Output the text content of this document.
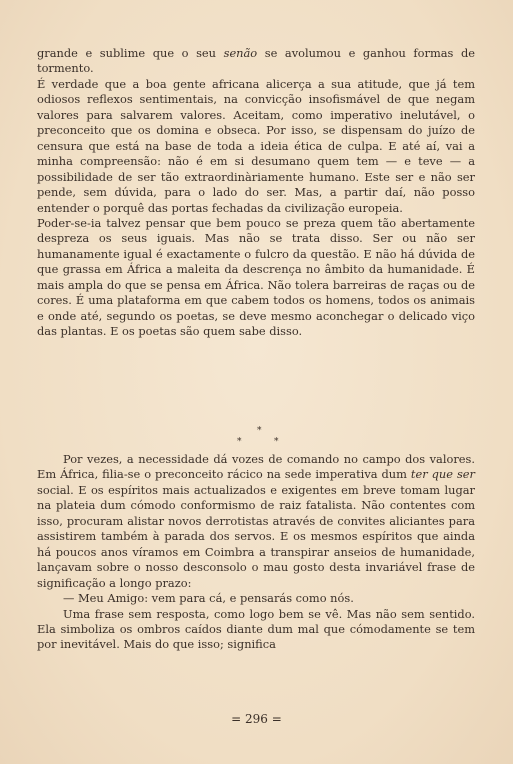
grande e sublime que o seu senão se avolumou e ganhou formas de tormento.

É verdade que a boa gente africana alicerça a sua atitude, que já tem odiosos reflexos sentimentais, na convicção insofismável de que negam valores para salvarem valores. Aceitam, como imperativo inelutável, o preconceito que os domina e obseca. Por isso, se dispensam do juízo de censura que está na base de toda a ideia ética de culpa. E até aí, vai a minha compreensão: não é em si desumano quem tem — e teve — a possibilidade de ser tão extraordinàriamente humano. Este ser e não ser pende, sem dúvida, para o lado do ser. Mas, a partir daí, não posso entender o porquê das portas fechadas da civilização europeia.

Poder-se-ia talvez pensar que bem pouco se preza quem tão abertamente despreza os seus iguais. Mas não se trata disso. Ser ou não ser humanamente igual é exactamente o fulcro da questão. E não há dúvida de que grassa em África a maleita da descrença no âmbito da humanidade. É mais ampla do que se pensa em África. Não tolera barreiras de raças ou de cores. É uma plataforma em que cabem todos os homens, todos os animais e onde até, segundo os poetas, se deve mesmo aconchegar o delicado viço das plantas. E os poetas são quem sabe disso.

*
*	*

Por vezes, a necessidade dá vozes de comando no campo dos valores. Em África, filia-se o preconceito rácico na sede imperativa dum ter que ser social. E os espíritos mais actualizados e exigentes em breve tomam lugar na plateia dum cómodo conformismo de raiz fatalista. Não contentes com isso, procuram alistar novos derrotistas através de convites aliciantes para assistirem também à parada dos servos. E os mesmos espíritos que ainda há poucos anos víramos em Coimbra a transpirar anseios de humanidade, lançavam sobre o nosso desconsolo o mau gosto desta invariável frase de significação a longo prazo:

— Meu Amigo: vem para cá, e pensarás como nós.

Uma frase sem resposta, como logo bem se vê. Mas não sem sentido. Ela simboliza os ombros caídos diante dum mal que cómodamente se tem por inevitável. Mais do que isso; significa

= 296 =
